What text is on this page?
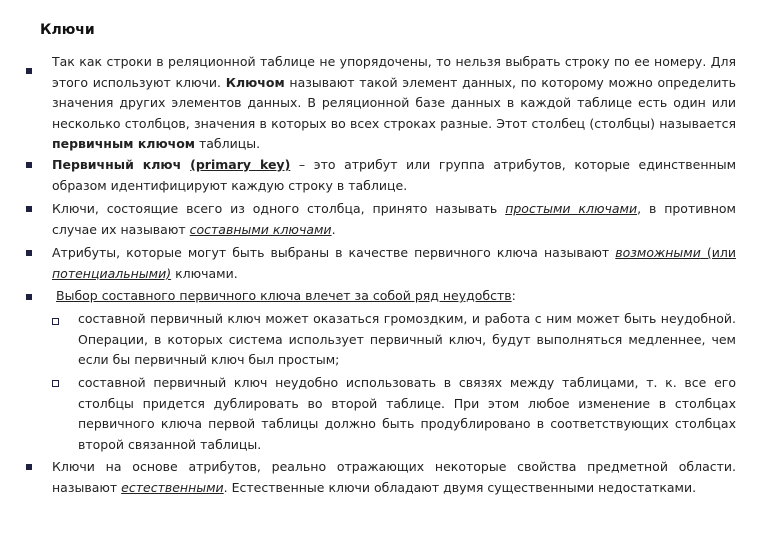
Ключи
Так как строки в реляционной таблице не упорядочены, то нельзя выбрать строку по ее номеру. Для этого используют ключи. Ключом называют такой элемент данных, по которому можно определить значения других элементов данных. В реляционной базе данных в каждой таблице есть один или несколько столбцов, значения в которых во всех строках разные. Этот столбец (столбцы) называется первичным ключом таблицы.
Первичный ключ (primary key) – это атрибут или группа атрибутов, которые единственным образом идентифицируют каждую строку в таблице.
Ключи, состоящие всего из одного столбца, принято называть простыми ключами, в противном случае их называют составными ключами.
Атрибуты, которые могут быть выбраны в качестве первичного ключа называют возможными (или потенциальными) ключами.
Выбор составного первичного ключа влечет за собой ряд неудобств:
составной первичный ключ может оказаться громоздким, и работа с ним может быть неудобной. Операции, в которых система использует первичный ключ, будут выполняться медленнее, чем если бы первичный ключ был простым;
составной первичный ключ неудобно использовать в связях между таблицами, т. к. все его столбцы придется дублировать во второй таблице. При этом любое изменение в столбцах первичного ключа первой таблицы должно быть продублировано в соответствующих столбцах второй связанной таблицы.
Ключи на основе атрибутов, реально отражающих некоторые свойства предметной области. называют естественными. Естественные ключи обладают двумя существенными недостатками.
